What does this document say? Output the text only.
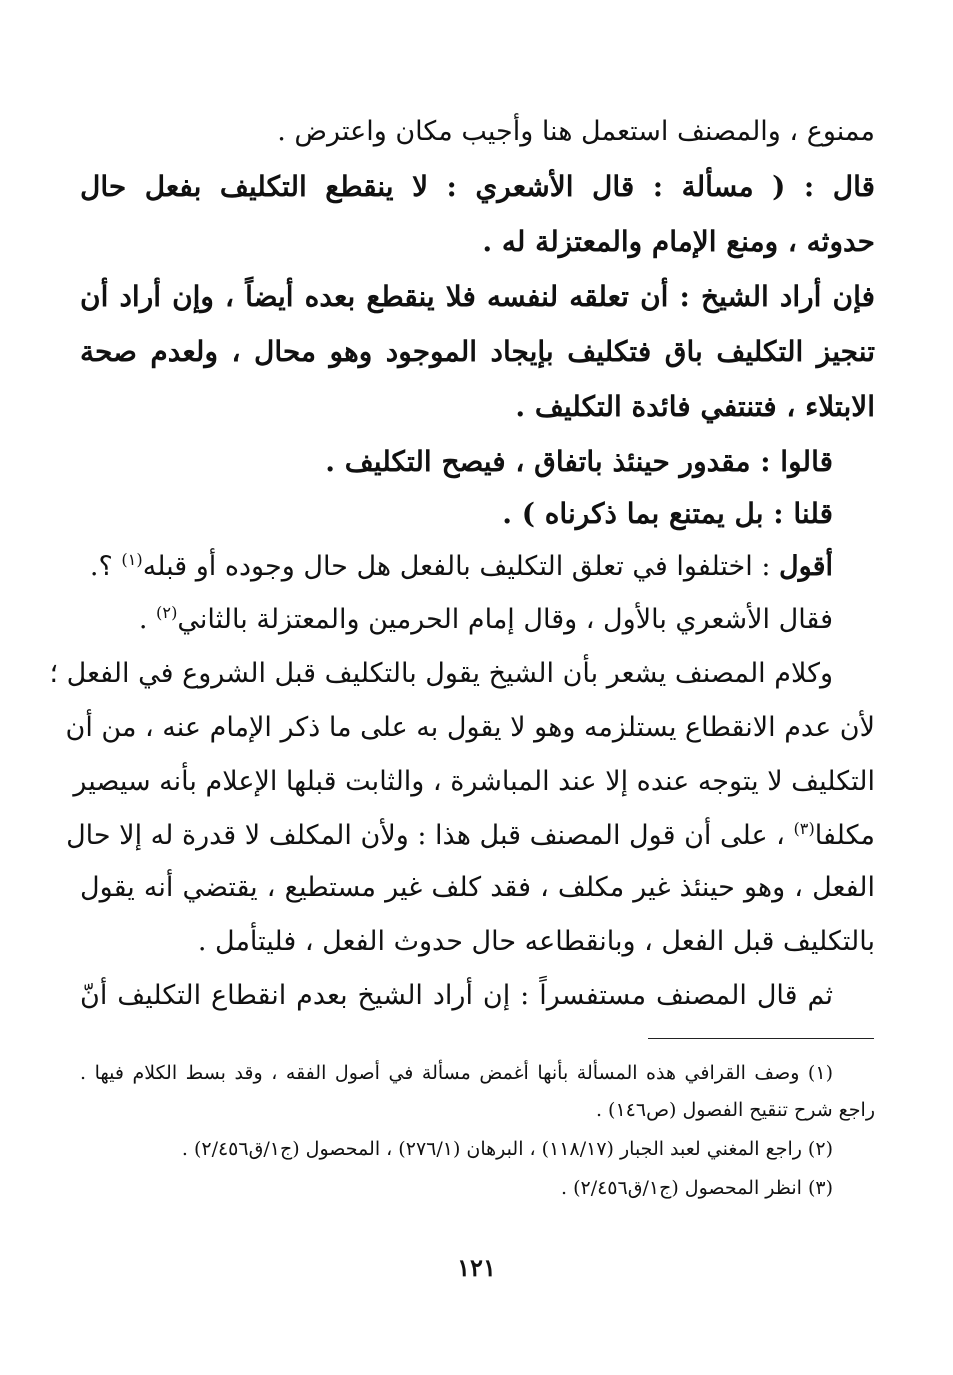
ممنوع ، والمصنف استعمل هنا وأجيب مكان واعترض .
قال : ( مسألة : قال الأشعري : لا ينقطع التكليف بفعل حال
حدوثه ، ومنع الإمام والمعتزلة له .
فإن أراد الشيخ : أن تعلقه لنفسه فلا ينقطع بعده أيضاً ، وإن أراد أن
تنجيز التكليف باق فتكليف بإيجاد الموجود وهو محال ، ولعدم صحة
الابتلاء ، فتنتفي فائدة التكليف .
قالوا : مقدور حينئذ باتفاق ، فيصح التكليف .
قلنا : بل يمتنع بما ذكرناه ) .
أقول : اختلفوا في تعلق التكليف بالفعل هل حال وجوده أو قبله$^{(١)}$ ؟.
فقال الأشعري بالأول ، وقال إمام الحرمين والمعتزلة بالثاني$^{(٢)}$ .
وكلام المصنف يشعر بأن الشيخ يقول بالتكليف قبل الشروع في الفعل ؛
لأن عدم الانقطاع يستلزمه وهو لا يقول به على ما ذكر الإمام عنه ، من أن
التكليف لا يتوجه عنده إلا عند المباشرة ، والثابت قبلها الإعلام بأنه سيصير
مكلفا$^{(٣)}$ ، على أن قول المصنف قبل هذا : ولأن المكلف لا قدرة له إلا حال
الفعل ، وهو حينئذ غير مكلف ، فقد كلف غير مستطيع ، يقتضي أنه يقول
بالتكليف قبل الفعل ، وبانقطاعه حال حدوث الفعل ، فليتأمل .
ثم قال المصنف مستفسراً : إن أراد الشيخ بعدم انقطاع التكليف أنّ
(١) وصف القرافي هذه المسألة بأنها أغمض مسألة في أصول الفقه ، وقد بسط الكلام فيها .
راجع شرح تنقيح الفصول (ص١٤٦) .
(٢) راجع المغني لعبد الجبار (١١٨/١٧) ، البرهان (٢٧٦/١) ، المحصول (ج١/ق٢/٤٥٦) .
(٣) انظر المحصول (ج١/ق٢/٤٥٦) .
١٢١
